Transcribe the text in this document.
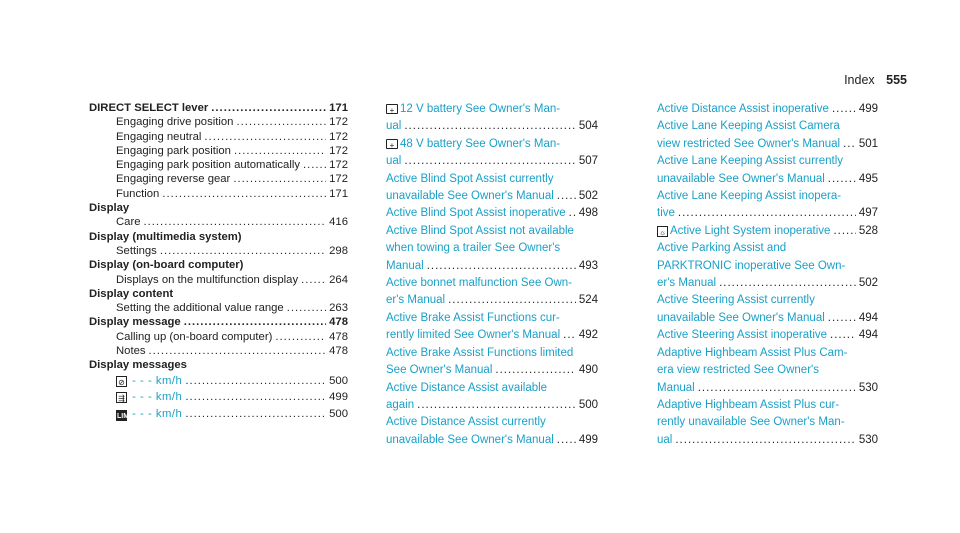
Index 555
DIRECT SELECT lever .....	171
Engaging drive position .....	172
Engaging neutral .....	172
Engaging park position .....	172
Engaging park position automatically .....	172
Engaging reverse gear .....	172
Function .....	171
Display
Care .....	416
Display (multimedia system)
Settings .....	298
Display (on-board computer)
Displays on the multifunction display .....	264
Display content
Setting the additional value range .....	263
Display message .....	478
Calling up (on-board computer) .....	478
Notes .....	478
Display messages
⊘ - - - km/h .....	500
⇶ - - - km/h .....	499
LIM - - - km/h .....	500
+ 12 V battery See Owner's Man-
ual .....	504
+ 48 V battery See Owner's Man-
ual .....	507
Active Blind Spot Assist currently
unavailable See Owner's Manual ..... 502
Active Blind Spot Assist inoperative ..... 498
Active Blind Spot Assist not available
when towing a trailer See Owner's
Manual .....	493
Active bonnet malfunction See Own-
er's Manual .....	524
Active Brake Assist Functions cur-
rently limited See Owner's Manual ..... 492
Active Brake Assist Functions limited
See Owner's Manual .....	490
Active Distance Assist available
again .....	500
Active Distance Assist currently
unavailable See Owner's Manual ..... 499
Active Distance Assist inoperative .....	499
Active Lane Keeping Assist Camera
view restricted See Owner's Manual ..... 501
Active Lane Keeping Assist currently
unavailable See Owner's Manual .....	495
Active Lane Keeping Assist inopera-
tive .....	497
☼ Active Light System inoperative ..... 528
Active Parking Assist and
PARKTRONIC inoperative See Own-
er's Manual .....	502
Active Steering Assist currently
unavailable See Owner's Manual .....	494
Active Steering Assist inoperative .....	494
Adaptive Highbeam Assist Plus Cam-
era view restricted See Owner's
Manual .....	530
Adaptive Highbeam Assist Plus cur-
rently unavailable See Owner's Man-
ual .....	530
